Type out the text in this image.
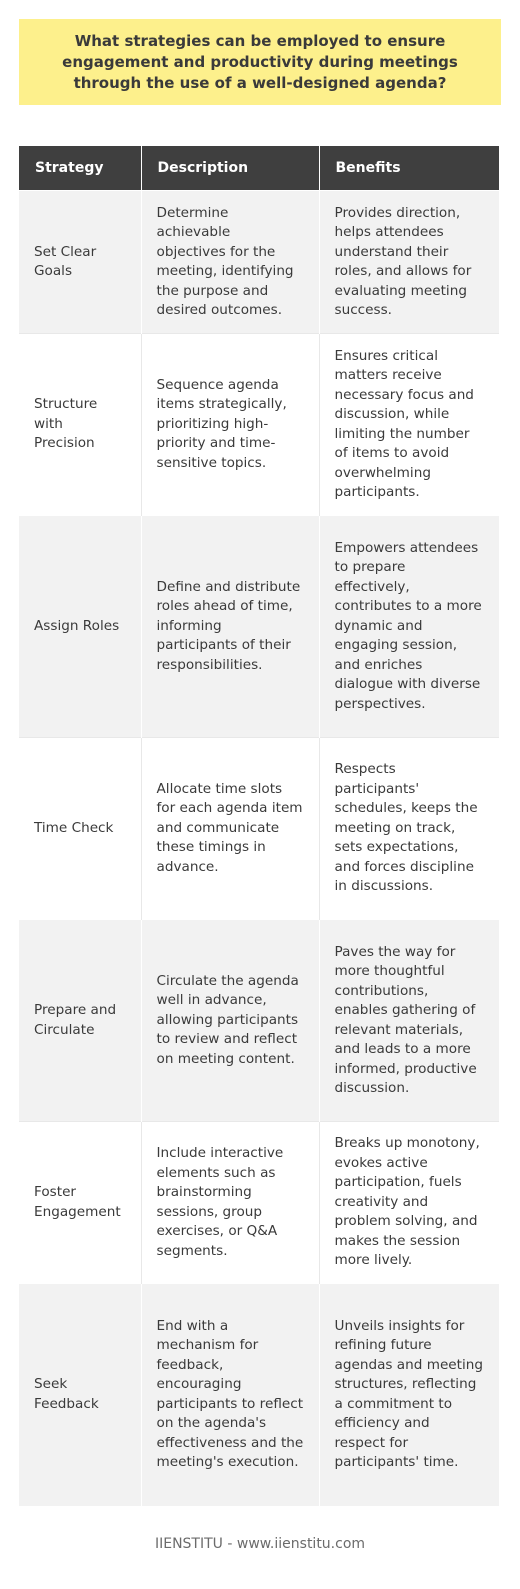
What strategies can be employed to ensure engagement and productivity during meetings through the use of a well-designed agenda?
Strategy	Description	Benefits
Set Clear Goals	Determine achievable objectives for the meeting, identifying the purpose and desired outcomes.	Provides direction, helps attendees understand their roles, and allows for evaluating meeting success.
Structure with Precision	Sequence agenda items strategically, prioritizing high-priority and time-sensitive topics.	Ensures critical matters receive necessary focus and discussion, while limiting the number of items to avoid overwhelming participants.
Assign Roles	Define and distribute roles ahead of time, informing participants of their responsibilities.	Empowers attendees to prepare effectively, contributes to a more dynamic and engaging session, and enriches dialogue with diverse perspectives.
Time Check	Allocate time slots for each agenda item and communicate these timings in advance.	Respects participants' schedules, keeps the meeting on track, sets expectations, and forces discipline in discussions.
Prepare and Circulate	Circulate the agenda well in advance, allowing participants to review and reflect on meeting content.	Paves the way for more thoughtful contributions, enables gathering of relevant materials, and leads to a more informed, productive discussion.
Foster Engagement	Include interactive elements such as brainstorming sessions, group exercises, or Q&A segments.	Breaks up monotony, evokes active participation, fuels creativity and problem solving, and makes the session more lively.
Seek Feedback	End with a mechanism for feedback, encouraging participants to reflect on the agenda's effectiveness and the meeting's execution.	Unveils insights for refining future agendas and meeting structures, reflecting a commitment to efficiency and respect for participants' time.
IIENSTITU - www.iienstitu.com
